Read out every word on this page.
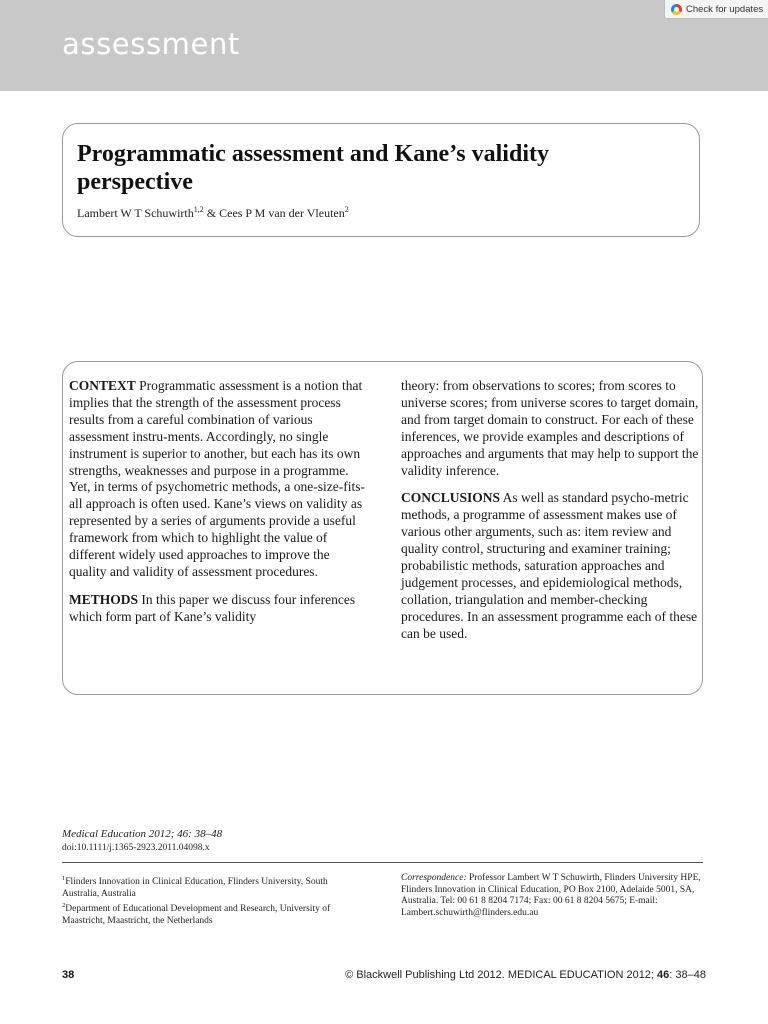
assessment
Check for updates
Programmatic assessment and Kane’s validity perspective
Lambert W T Schuwirth$^{1,2}$ & Cees P M van der Vleuten$^2$

CONTEXT Programmatic assessment is a notion that implies that the strength of the assessment process results from a careful combination of various assessment instru-ments. Accordingly, no single instrument is superior to another, but each has its own strengths, weaknesses and purpose in a programme. Yet, in terms of psychometric methods, a one-size-fits-all approach is often used. Kane’s views on validity as represented by a series of arguments provide a useful framework from which to highlight the value of different widely used approaches to improve the quality and validity of assessment procedures.

METHODS In this paper we discuss four inferences which form part of Kane’s validity

theory: from observations to scores; from scores to universe scores; from universe scores to target domain, and from target domain to construct. For each of these inferences, we provide examples and descriptions of approaches and arguments that may help to support the validity inference.

CONCLUSIONS As well as standard psycho-metric methods, a programme of assessment makes use of various other arguments, such as: item review and quality control, structuring and examiner training; probabilistic methods, saturation approaches and judgement processes, and epidemiological methods, collation, triangulation and member-checking procedures. In an assessment programme each of these can be used.

Medical Education 2012; 46: 38–48
doi:10.1111/j.1365-2923.2011.04098.x
$^1$Flinders Innovation in Clinical Education, Flinders University, South Australia, Australia
$^2$Department of Educational Development and Research, University of Maastricht, Maastricht, the Netherlands
Correspondence: Professor Lambert W T Schuwirth, Flinders University HPE, Flinders Innovation in Clinical Education, PO Box 2100, Adelaide 5001, SA, Australia. Tel: 00 61 8 8204 7174; Fax: 00 61 8 8204 5675; E-mail: Lambert.schuwirth@flinders.edu.au
38	© Blackwell Publishing Ltd 2012. MEDICAL EDUCATION 2012; 46: 38–48
